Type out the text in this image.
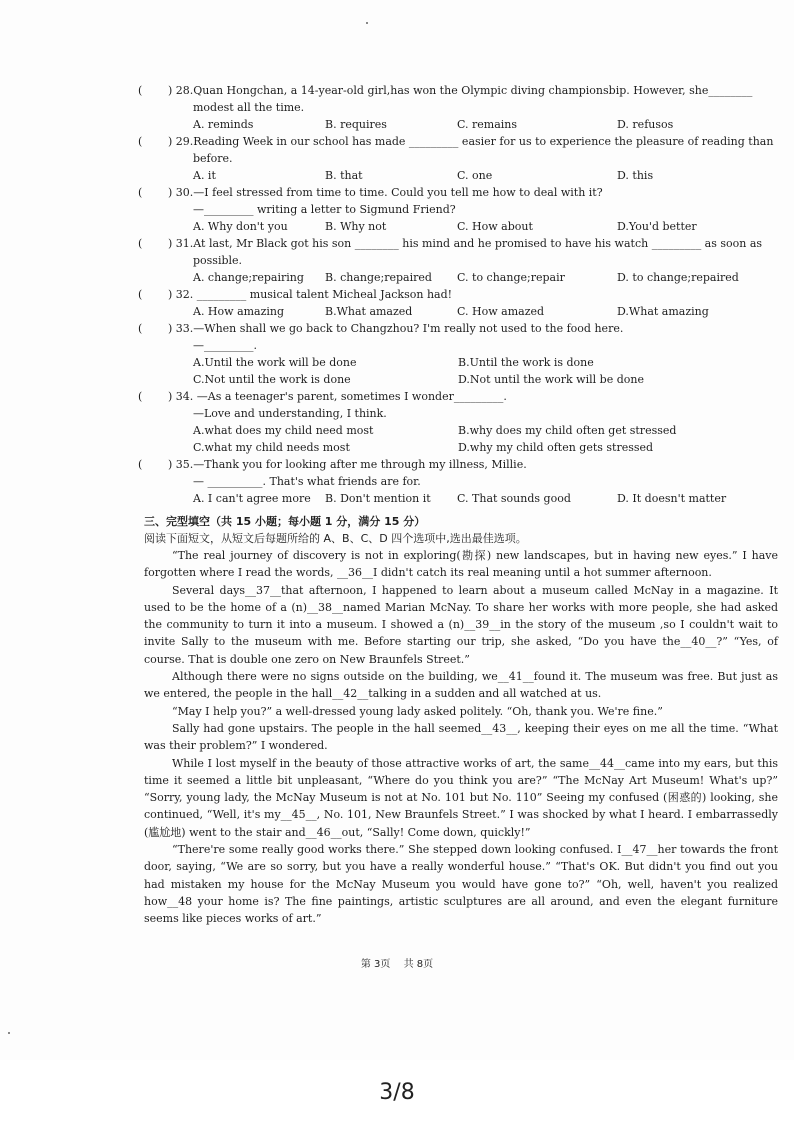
(	) 28.Quan Hongchan, a 14-year-old girl,has won the Olympic diving championsbip. However, she________
modest all the time.
A. reminds	B. requires	C. remains	D. refusos
(	) 29.Reading Week in our school has made _________ easier for us to experience the pleasure of reading than
before.
A. it	B. that	C. one	D. this
(	) 30.—I feel stressed from time to time. Could you tell me how to deal with it?
—_________ writing a letter to Sigmund Friend?
A. Why don't you	B. Why not	C. How about	D.You'd better
(	) 31.At last, Mr Black got his son ________ his mind and he promised to have his watch _________ as soon as
possible.
A. change;repairing	B. change;repaired	C. to change;repair	D. to change;repaired
(	) 32. _________ musical talent Micheal Jackson had!
A. How amazing	B.What amazed	C. How amazed	D.What amazing
(	) 33.—When shall we go back to Changzhou? I'm really not used to the food here.
—_________.
A.Until the work will be done	B.Until the work is done
C.Not until the work is done	D.Not until the work will be done
(	) 34. —As a teenager's parent, sometimes I wonder_________.
—Love and understanding, I think.
A.what does my child need most	B.why does my child often get stressed
C.what my child needs most	D.why my child often gets stressed
(	) 35.—Thank you for looking after me through my illness, Millie.
— __________. That's what friends are for.
A. I can't agree more	B. Don't mention it	C. That sounds good	D. It doesn't matter
三、完型填空（共 15 小题；每小题 1 分，满分 15 分）
阅读下面短文，从短文后每题所给的 A、B、C、D 四个选项中,选出最佳选项。
“The real journey of discovery is not in exploring(勘探) new landscapes, but in having new eyes.” I have forgotten where I read the words, __36__I didn't catch its real meaning until a hot summer afternoon.
Several days__37__that afternoon, I happened to learn about a museum called McNay in a magazine. It used to be the home of a (n)__38__named Marian McNay. To share her works with more people, she had asked the community to turn it into a museum. I showed a (n)__39__in the story of the museum ,so I couldn't wait to invite Sally to the museum with me. Before starting our trip, she asked, “Do you have the__40__?” “Yes, of course. That is double one zero on New Braunfels Street.”
Although there were no signs outside on the building, we__41__found it. The museum was free. But just as we entered, the people in the hall__42__talking in a sudden and all watched at us.
“May I help you?” a well-dressed young lady asked politely. “Oh, thank you. We're fine.”
Sally had gone upstairs. The people in the hall seemed__43__, keeping their eyes on me all the time. “What was their problem?” I wondered.
While I lost myself in the beauty of those attractive works of art, the same__44__came into my ears, but this time it seemed a little bit unpleasant, “Where do you think you are?” “The McNay Art Museum! What's up?” “Sorry, young lady, the McNay Museum is not at No. 101 but No. 110” Seeing my confused (困惑的) looking, she continued, “Well, it's my__45__, No. 101, New Braunfels Street.” I was shocked by what I heard. I embarrassedly (尴尬地) went to the stair and__46__out, “Sally! Come down, quickly!”
“There're some really good works there.” She stepped down looking confused. I__47__her towards the front door, saying, “We are so sorry, but you have a really wonderful house.” “That's OK. But didn't you find out you had mistaken my house for the McNay Museum you would have gone to?” “Oh, well, haven't you realized how__48 your home is? The fine paintings, artistic sculptures are all around, and even the elegant furniture seems like pieces works of art.”
第 3页　 共 8页
3/8
